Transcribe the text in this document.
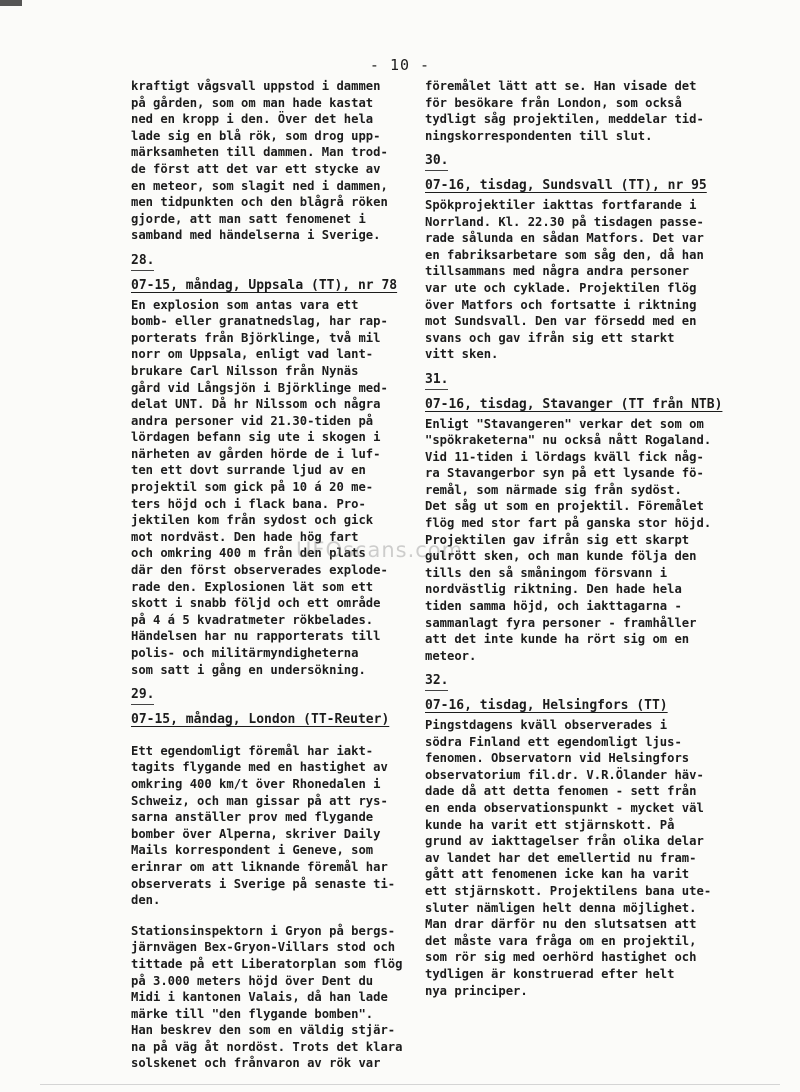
- 10 -
kraftigt vågsvall uppstod i dammen
på gården, som om man hade kastat
ned en kropp i den. Över det hela
lade sig en blå rök, som drog upp-
märksamheten till dammen. Man trod-
de först att det var ett stycke av
en meteor, som slagit ned i dammen,
men tidpunkten och den blågrå röken
gjorde, att man satt fenomenet i
samband med händelserna i Sverige.
28.
07-15, måndag, Uppsala (TT), nr 78
En explosion som antas vara ett
bomb- eller granatnedslag, har rap-
porterats från Björklinge, två mil
norr om Uppsala, enligt vad lant-
brukare Carl Nilsson från Nynäs
gård vid Långsjön i Björklinge med-
delat UNT. Då hr Nilssom och några
andra personer vid 21.30-tiden på
lördagen befann sig ute i skogen i
närheten av gården hörde de i luf-
ten ett dovt surrande ljud av en
projektil som gick på 10 á 20 me-
ters höjd och i flack bana. Pro-
jektilen kom från sydost och gick
mot nordväst. Den hade hög fart
och omkring 400 m från den plats
där den först observerades explode-
rade den. Explosionen lät som ett
skott i snabb följd och ett område
på 4 á 5 kvadratmeter rökbelades.
Händelsen har nu rapporterats till
polis- och militärmyndigheterna
som satt i gång en undersökning.
29.
07-15, måndag, London (TT-Reuter)
Ett egendomligt föremål har iakt-
tagits flygande med en hastighet av
omkring 400 km/t över Rhonedalen i
Schweiz, och man gissar på att rys-
sarna anställer prov med flygande
bomber över Alperna, skriver Daily
Mails korrespondent i Geneve, som
erinrar om att liknande föremål har
observerats i Sverige på senaste ti-
den.
Stationsinspektorn i Gryon på bergs-
järnvägen Bex-Gryon-Villars stod och
tittade på ett Liberatorplan som flög
på 3.000 meters höjd över Dent du
Midi i kantonen Valais, då han lade
märke till "den flygande bomben".
Han beskrev den som en väldig stjär-
na på väg åt nordöst. Trots det klara
solskenet och frånvaron av rök var
föremålet lätt att se. Han visade det
för besökare från London, som också
tydligt såg projektilen, meddelar tid-
ningskorrespondenten till slut.
30.
07-16, tisdag, Sundsvall (TT), nr 95
Spökprojektiler iakttas fortfarande i
Norrland. Kl. 22.30 på tisdagen passe-
rade sålunda en sådan Matfors. Det var
en fabriksarbetare som såg den, då han
tillsammans med några andra personer
var ute och cyklade. Projektilen flög
över Matfors och fortsatte i riktning
mot Sundsvall. Den var försedd med en
svans och gav ifrån sig ett starkt
vitt sken.
31.
07-16, tisdag, Stavanger (TT från NTB)
Enligt "Stavangeren" verkar det som om
"spökraketerna" nu också nått Rogaland.
Vid 11-tiden i lördags kväll fick någ-
ra Stavangerbor syn på ett lysande fö-
remål, som närmade sig från sydöst.
Det såg ut som en projektil. Föremålet
flög med stor fart på ganska stor höjd.
Projektilen gav ifrån sig ett skarpt
gulrött sken, och man kunde följa den
tills den så småningom försvann i
nordvästlig riktning. Den hade hela
tiden samma höjd, och iakttagarna -
sammanlagt fyra personer - framhåller
att det inte kunde ha rört sig om en
meteor.
32.
07-16, tisdag, Helsingfors (TT)
Pingstdagens kväll observerades i
södra Finland ett egendomligt ljus-
fenomen. Observatorn vid Helsingfors
observatorium fil.dr. V.R.Ölander häv-
dade då att detta fenomen - sett från
en enda observationspunkt - mycket väl
kunde ha varit ett stjärnskott. På
grund av iakttagelser från olika delar
av landet har det emellertid nu fram-
gått att fenomenen icke kan ha varit
ett stjärnskott. Projektilens bana ute-
sluter nämligen helt denna möjlighet.
Man drar därför nu den slutsatsen att
det måste vara fråga om en projektil,
som rör sig med oerhörd hastighet och
tydligen är konstruerad efter helt
nya principer.
UFOscans.com
